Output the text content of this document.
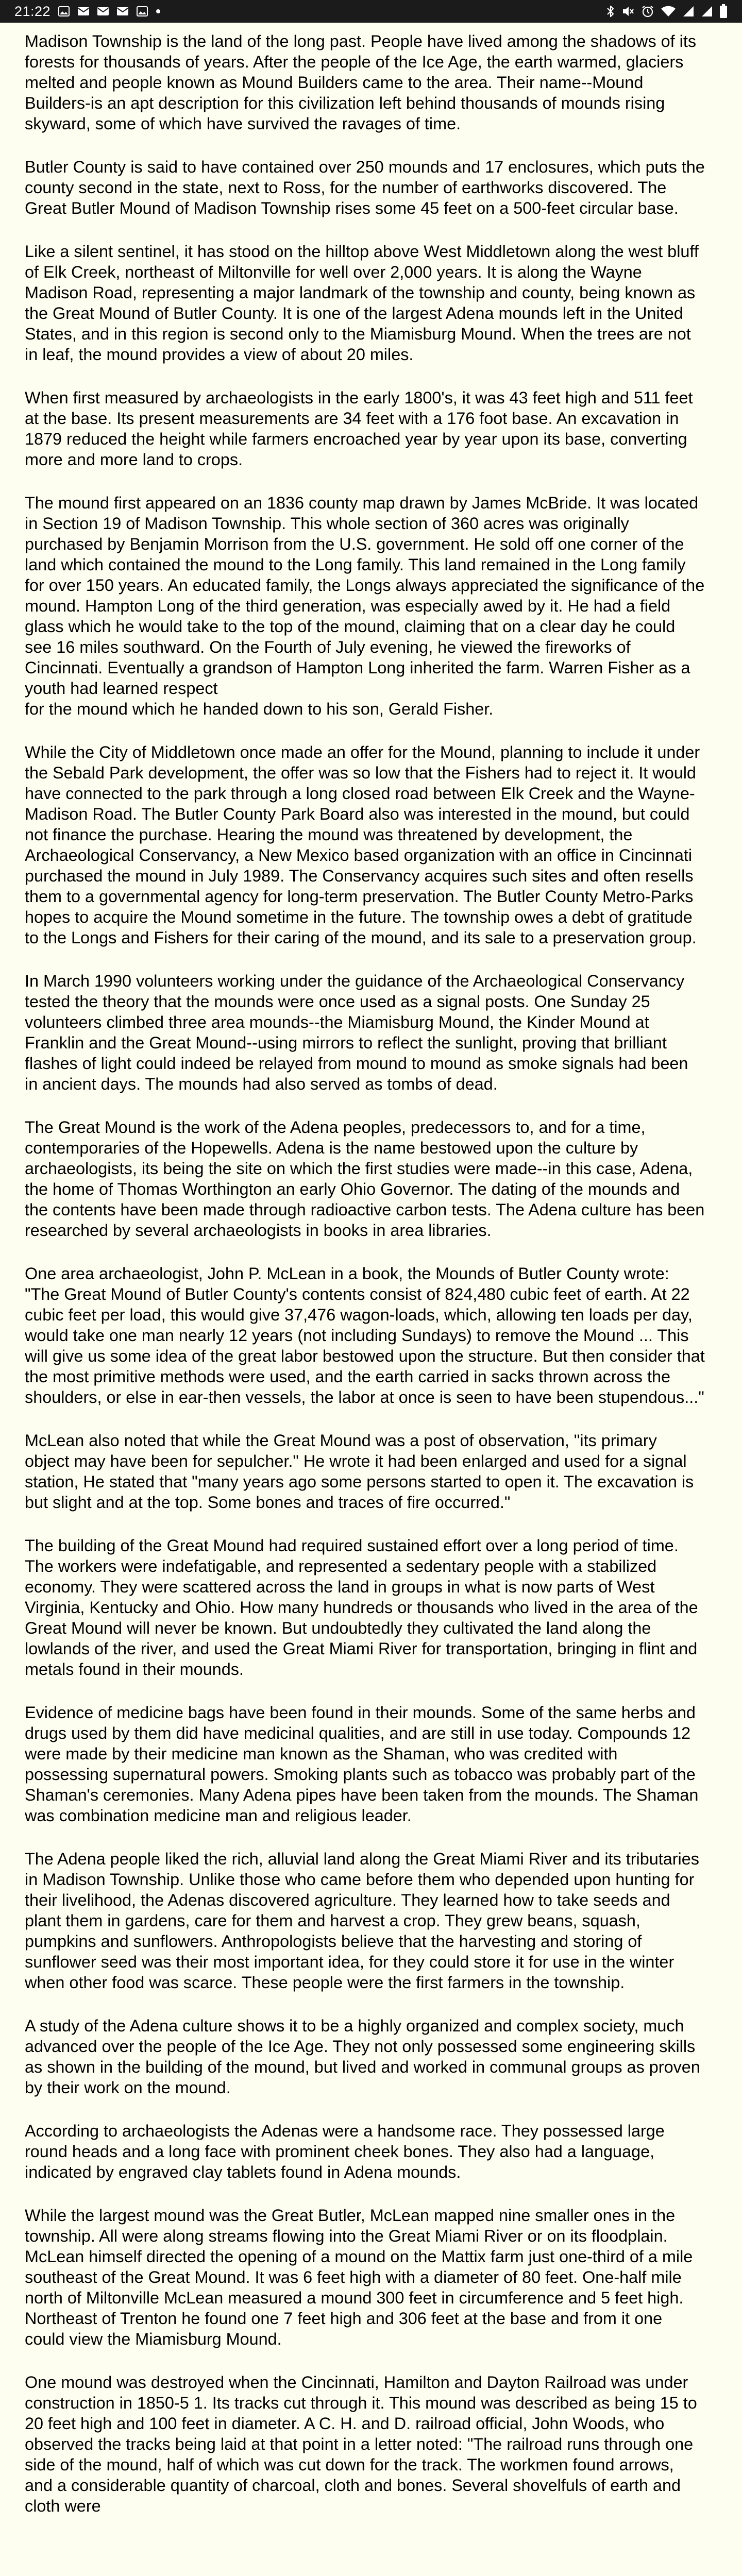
21:22

Madison Township is the land of the long past. People have lived among the shadows of its forests for thousands of years. After the people of the Ice Age, the earth warmed, glaciers melted and people known as Mound Builders came to the area. Their name--Mound Builders-is an apt description for this civilization left behind thousands of mounds rising skyward, some of which have survived the ravages of time.

Butler County is said to have contained over 250 mounds and 17 enclosures, which puts the county second in the state, next to Ross, for the number of earthworks discovered. The Great Butler Mound of Madison Township rises some 45 feet on a 500-feet circular base.

Like a silent sentinel, it has stood on the hilltop above West Middletown along the west bluff of Elk Creek, northeast of Miltonville for well over 2,000 years. It is along the Wayne Madison Road, representing a major landmark of the township and county, being known as the Great Mound of Butler County. It is one of the largest Adena mounds left in the United States, and in this region is second only to the Miamisburg Mound. When the trees are not in leaf, the mound provides a view of about 20 miles.

When first measured by archaeologists in the early 1800's, it was 43 feet high and 511 feet at the base. Its present measurements are 34 feet with a 176 foot base. An excavation in 1879 reduced the height while farmers encroached year by year upon its base, converting more and more land to crops.

The mound first appeared on an 1836 county map drawn by James McBride. It was located in Section 19 of Madison Township. This whole section of 360 acres was originally purchased by Benjamin Morrison from the U.S. government. He sold off one corner of the land which contained the mound to the Long family. This land remained in the Long family for over 150 years. An educated family, the Longs always appreciated the significance of the mound. Hampton Long of the third generation, was especially awed by it. He had a field glass which he would take to the top of the mound, claiming that on a clear day he could see 16 miles southward. On the Fourth of July evening, he viewed the fireworks of Cincinnati. Eventually a grandson of Hampton Long inherited the farm. Warren Fisher as a youth had learned respect
for the mound which he handed down to his son, Gerald Fisher.

While the City of Middletown once made an offer for the Mound, planning to include it under the Sebald Park development, the offer was so low that the Fishers had to reject it. It would have connected to the park through a long closed road between Elk Creek and the Wayne-Madison Road. The Butler County Park Board also was interested in the mound, but could not finance the purchase. Hearing the mound was threatened by development, the Archaeological Conservancy, a New Mexico based organization with an office in Cincinnati purchased the mound in July 1989. The Conservancy acquires such sites and often resells them to a governmental agency for long-term preservation. The Butler County Metro-Parks hopes to acquire the Mound sometime in the future. The township owes a debt of gratitude to the Longs and Fishers for their caring of the mound, and its sale to a preservation group.

In March 1990 volunteers working under the guidance of the Archaeological Conservancy tested the theory that the mounds were once used as a signal posts. One Sunday 25 volunteers climbed three area mounds--the Miamisburg Mound, the Kinder Mound at Franklin and the Great Mound--using mirrors to reflect the sunlight, proving that brilliant flashes of light could indeed be relayed from mound to mound as smoke signals had been in ancient days. The mounds had also served as tombs of dead.

The Great Mound is the work of the Adena peoples, predecessors to, and for a time, contemporaries of the Hopewells. Adena is the name bestowed upon the culture by archaeologists, its being the site on which the first studies were made--in this case, Adena, the home of Thomas Worthington an early Ohio Governor. The dating of the mounds and the contents have been made through radioactive carbon tests. The Adena culture has been researched by several archaeologists in books in area libraries.

One area archaeologist, John P. McLean in a book, the Mounds of Butler County wrote: "The Great Mound of Butler County's contents consist of 824,480 cubic feet of earth. At 22 cubic feet per load, this would give 37,476 wagon-loads, which, allowing ten loads per day, would take one man nearly 12 years (not including Sundays) to remove the Mound ... This will give us some idea of the great labor bestowed upon the structure. But then consider that the most primitive methods were used, and the earth carried in sacks thrown across the shoulders, or else in ear-then vessels, the labor at once is seen to have been stupendous..."

McLean also noted that while the Great Mound was a post of observation, "its primary object may have been for sepulcher." He wrote it had been enlarged and used for a signal station, He stated that "many years ago some persons started to open it. The excavation is but slight and at the top. Some bones and traces of fire occurred."

The building of the Great Mound had required sustained effort over a long period of time. The workers were indefatigable, and represented a sedentary people with a stabilized economy. They were scattered across the land in groups in what is now parts of West Virginia, Kentucky and Ohio. How many hundreds or thousands who lived in the area of the Great Mound will never be known. But undoubtedly they cultivated the land along the lowlands of the river, and used the Great Miami River for transportation, bringing in flint and metals found in their mounds.

Evidence of medicine bags have been found in their mounds. Some of the same herbs and drugs used by them did have medicinal qualities, and are still in use today. Compounds 12 were made by their medicine man known as the Shaman, who was credited with possessing supernatural powers. Smoking plants such as tobacco was probably part of the Shaman's ceremonies. Many Adena pipes have been taken from the mounds. The Shaman was combination medicine man and religious leader.

The Adena people liked the rich, alluvial land along the Great Miami River and its tributaries in Madison Township. Unlike those who came before them who depended upon hunting for their livelihood, the Adenas discovered agriculture. They learned how to take seeds and plant them in gardens, care for them and harvest a crop. They grew beans, squash, pumpkins and sunflowers. Anthropologists believe that the harvesting and storing of sunflower seed was their most important idea, for they could store it for use in the winter when other food was scarce. These people were the first farmers in the township.

A study of the Adena culture shows it to be a highly organized and complex society, much advanced over the people of the Ice Age. They not only possessed some engineering skills as shown in the building of the mound, but lived and worked in communal groups as proven by their work on the mound.

According to archaeologists the Adenas were a handsome race. They possessed large round heads and a long face with prominent cheek bones. They also had a language, indicated by engraved clay tablets found in Adena mounds.

While the largest mound was the Great Butler, McLean mapped nine smaller ones in the township. All were along streams flowing into the Great Miami River or on its floodplain. McLean himself directed the opening of a mound on the Mattix farm just one-third of a mile southeast of the Great Mound. It was 6 feet high with a diameter of 80 feet. One-half mile north of Miltonville McLean measured a mound 300 feet in circumference and 5 feet high. Northeast of Trenton he found one 7 feet high and 306 feet at the base and from it one could view the Miamisburg Mound.

One mound was destroyed when the Cincinnati, Hamilton and Dayton Railroad was under construction in 1850-5 1. Its tracks cut through it. This mound was described as being 15 to 20 feet high and 100 feet in diameter. A C. H. and D. railroad official, John Woods, who observed the tracks being laid at that point in a letter noted: "The railroad runs through one side of the mound, half of which was cut down for the track. The workmen found arrows, and a considerable quantity of charcoal, cloth and bones. Several shovelfuls of earth and cloth were
